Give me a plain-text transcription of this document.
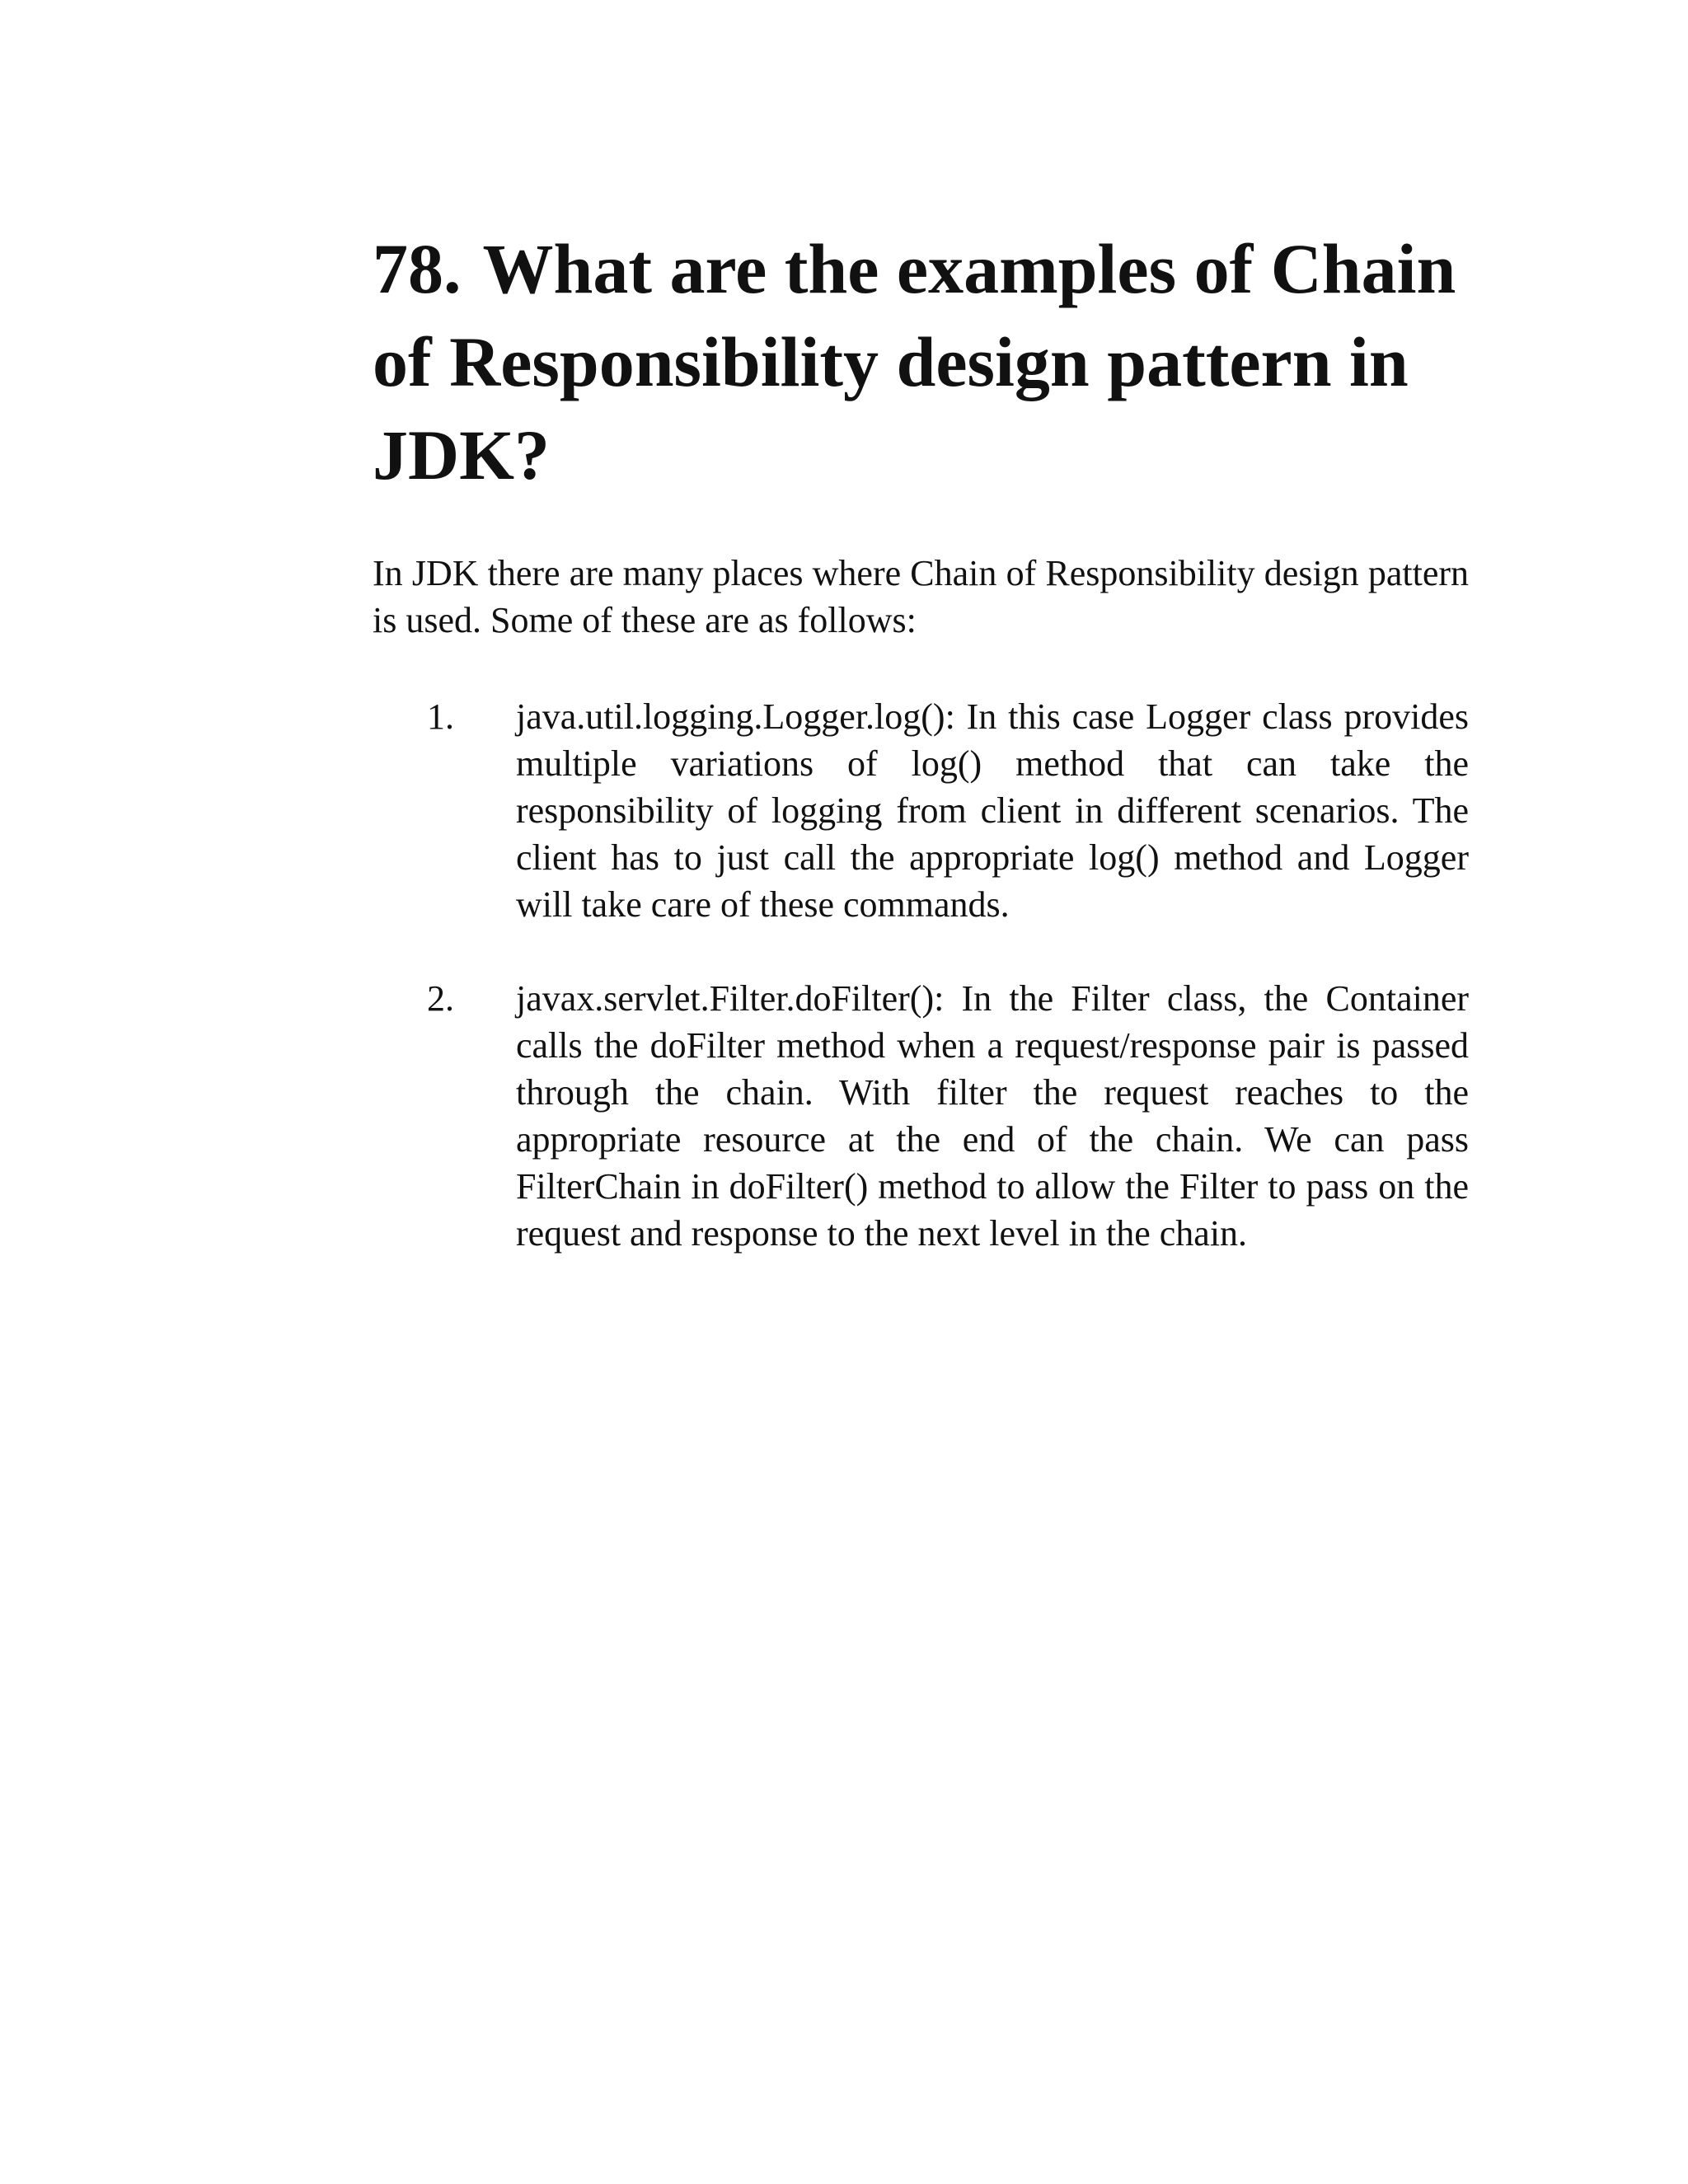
78. What are the examples of Chain of Responsibility design pattern in JDK?

In JDK there are many places where Chain of Responsibility design pattern is used. Some of these are as follows:

1. java.util.logging.Logger.log(): In this case Logger class provides multiple variations of log() method that can take the responsibility of logging from client in different scenarios. The client has to just call the appropriate log() method and Logger will take care of these commands.
2. javax.servlet.Filter.doFilter(): In the Filter class, the Container calls the doFilter method when a request/response pair is passed through the chain. With filter the request reaches to the appropriate resource at the end of the chain. We can pass FilterChain in doFilter() method to allow the Filter to pass on the request and response to the next level in the chain.
